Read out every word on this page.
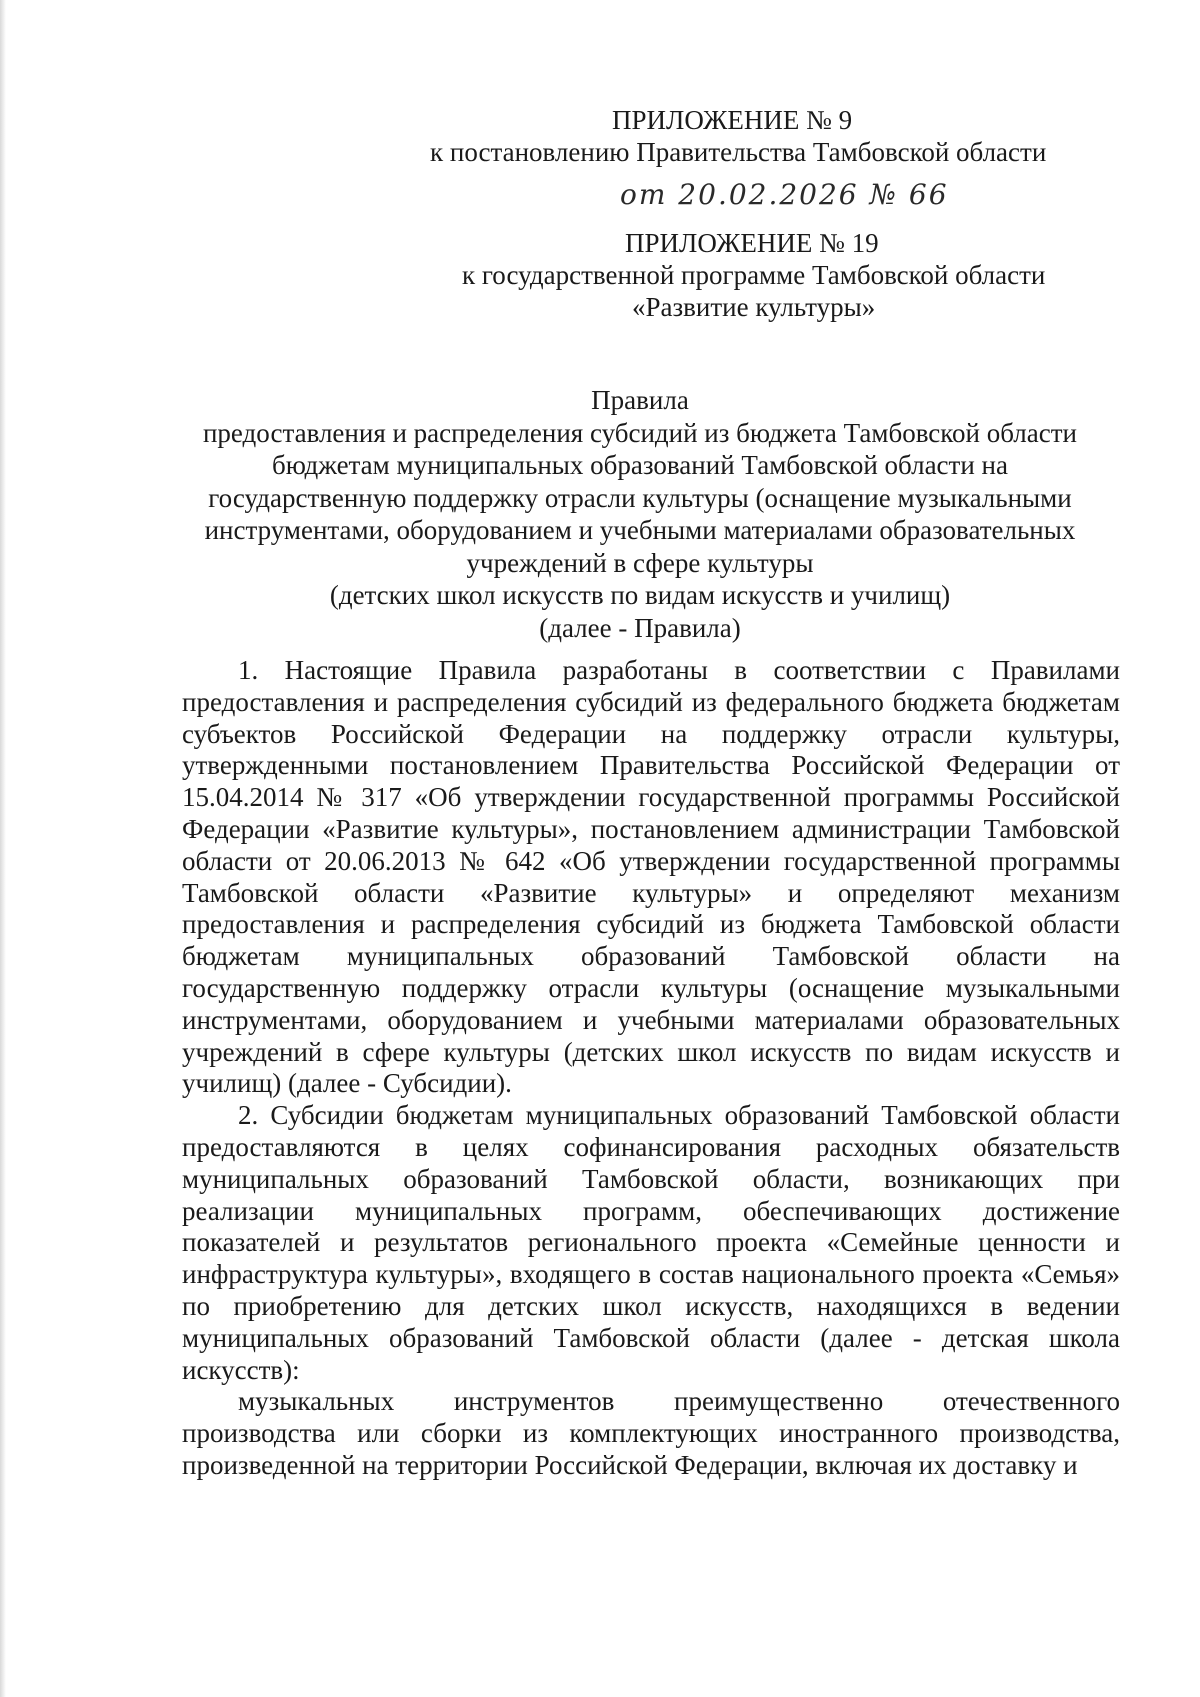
ПРИЛОЖЕНИЕ № 9
к постановлению Правительства Тамбовской области
от 20.02.2026 № 66
ПРИЛОЖЕНИЕ № 19
к государственной программе Тамбовской области
«Развитие культуры»
Правила
предоставления и распределения субсидий из бюджета Тамбовской области
бюджетам муниципальных образований Тамбовской области на
государственную поддержку отрасли культуры (оснащение музыкальными
инструментами, оборудованием и учебными материалами образовательных
учреждений в сфере культуры
(детских школ искусств по видам искусств и училищ)
(далее - Правила)

1. Настоящие Правила разработаны в соответствии с Правилами предоставления и распределения субсидий из федерального бюджета бюджетам субъектов Российской Федерации на поддержку отрасли культуры, утвержденными постановлением Правительства Российской Федерации от 15.04.2014 № 317 «Об утверждении государственной программы Российской Федерации «Развитие культуры», постановлением администрации Тамбовской области от 20.06.2013 № 642 «Об утверждении государственной программы Тамбовской области «Развитие культуры» и определяют механизм предоставления и распределения субсидий из бюджета Тамбовской области бюджетам муниципальных образований Тамбовской области на государственную поддержку отрасли культуры (оснащение музыкальными инструментами, оборудованием и учебными материалами образовательных учреждений в сфере культуры (детских школ искусств по видам искусств и училищ) (далее - Субсидии).

2. Субсидии бюджетам муниципальных образований Тамбовской области предоставляются в целях софинансирования расходных обязательств муниципальных образований Тамбовской области, возникающих при реализации муниципальных программ, обеспечивающих достижение показателей и результатов регионального проекта «Семейные ценности и инфраструктура культуры», входящего в состав национального проекта «Семья» по приобретению для детских школ искусств, находящихся в ведении муниципальных образований Тамбовской области (далее - детская школа искусств):

музыкальных инструментов преимущественно отечественного производства или сборки из комплектующих иностранного производства, произведенной на территории Российской Федерации, включая их доставку и
